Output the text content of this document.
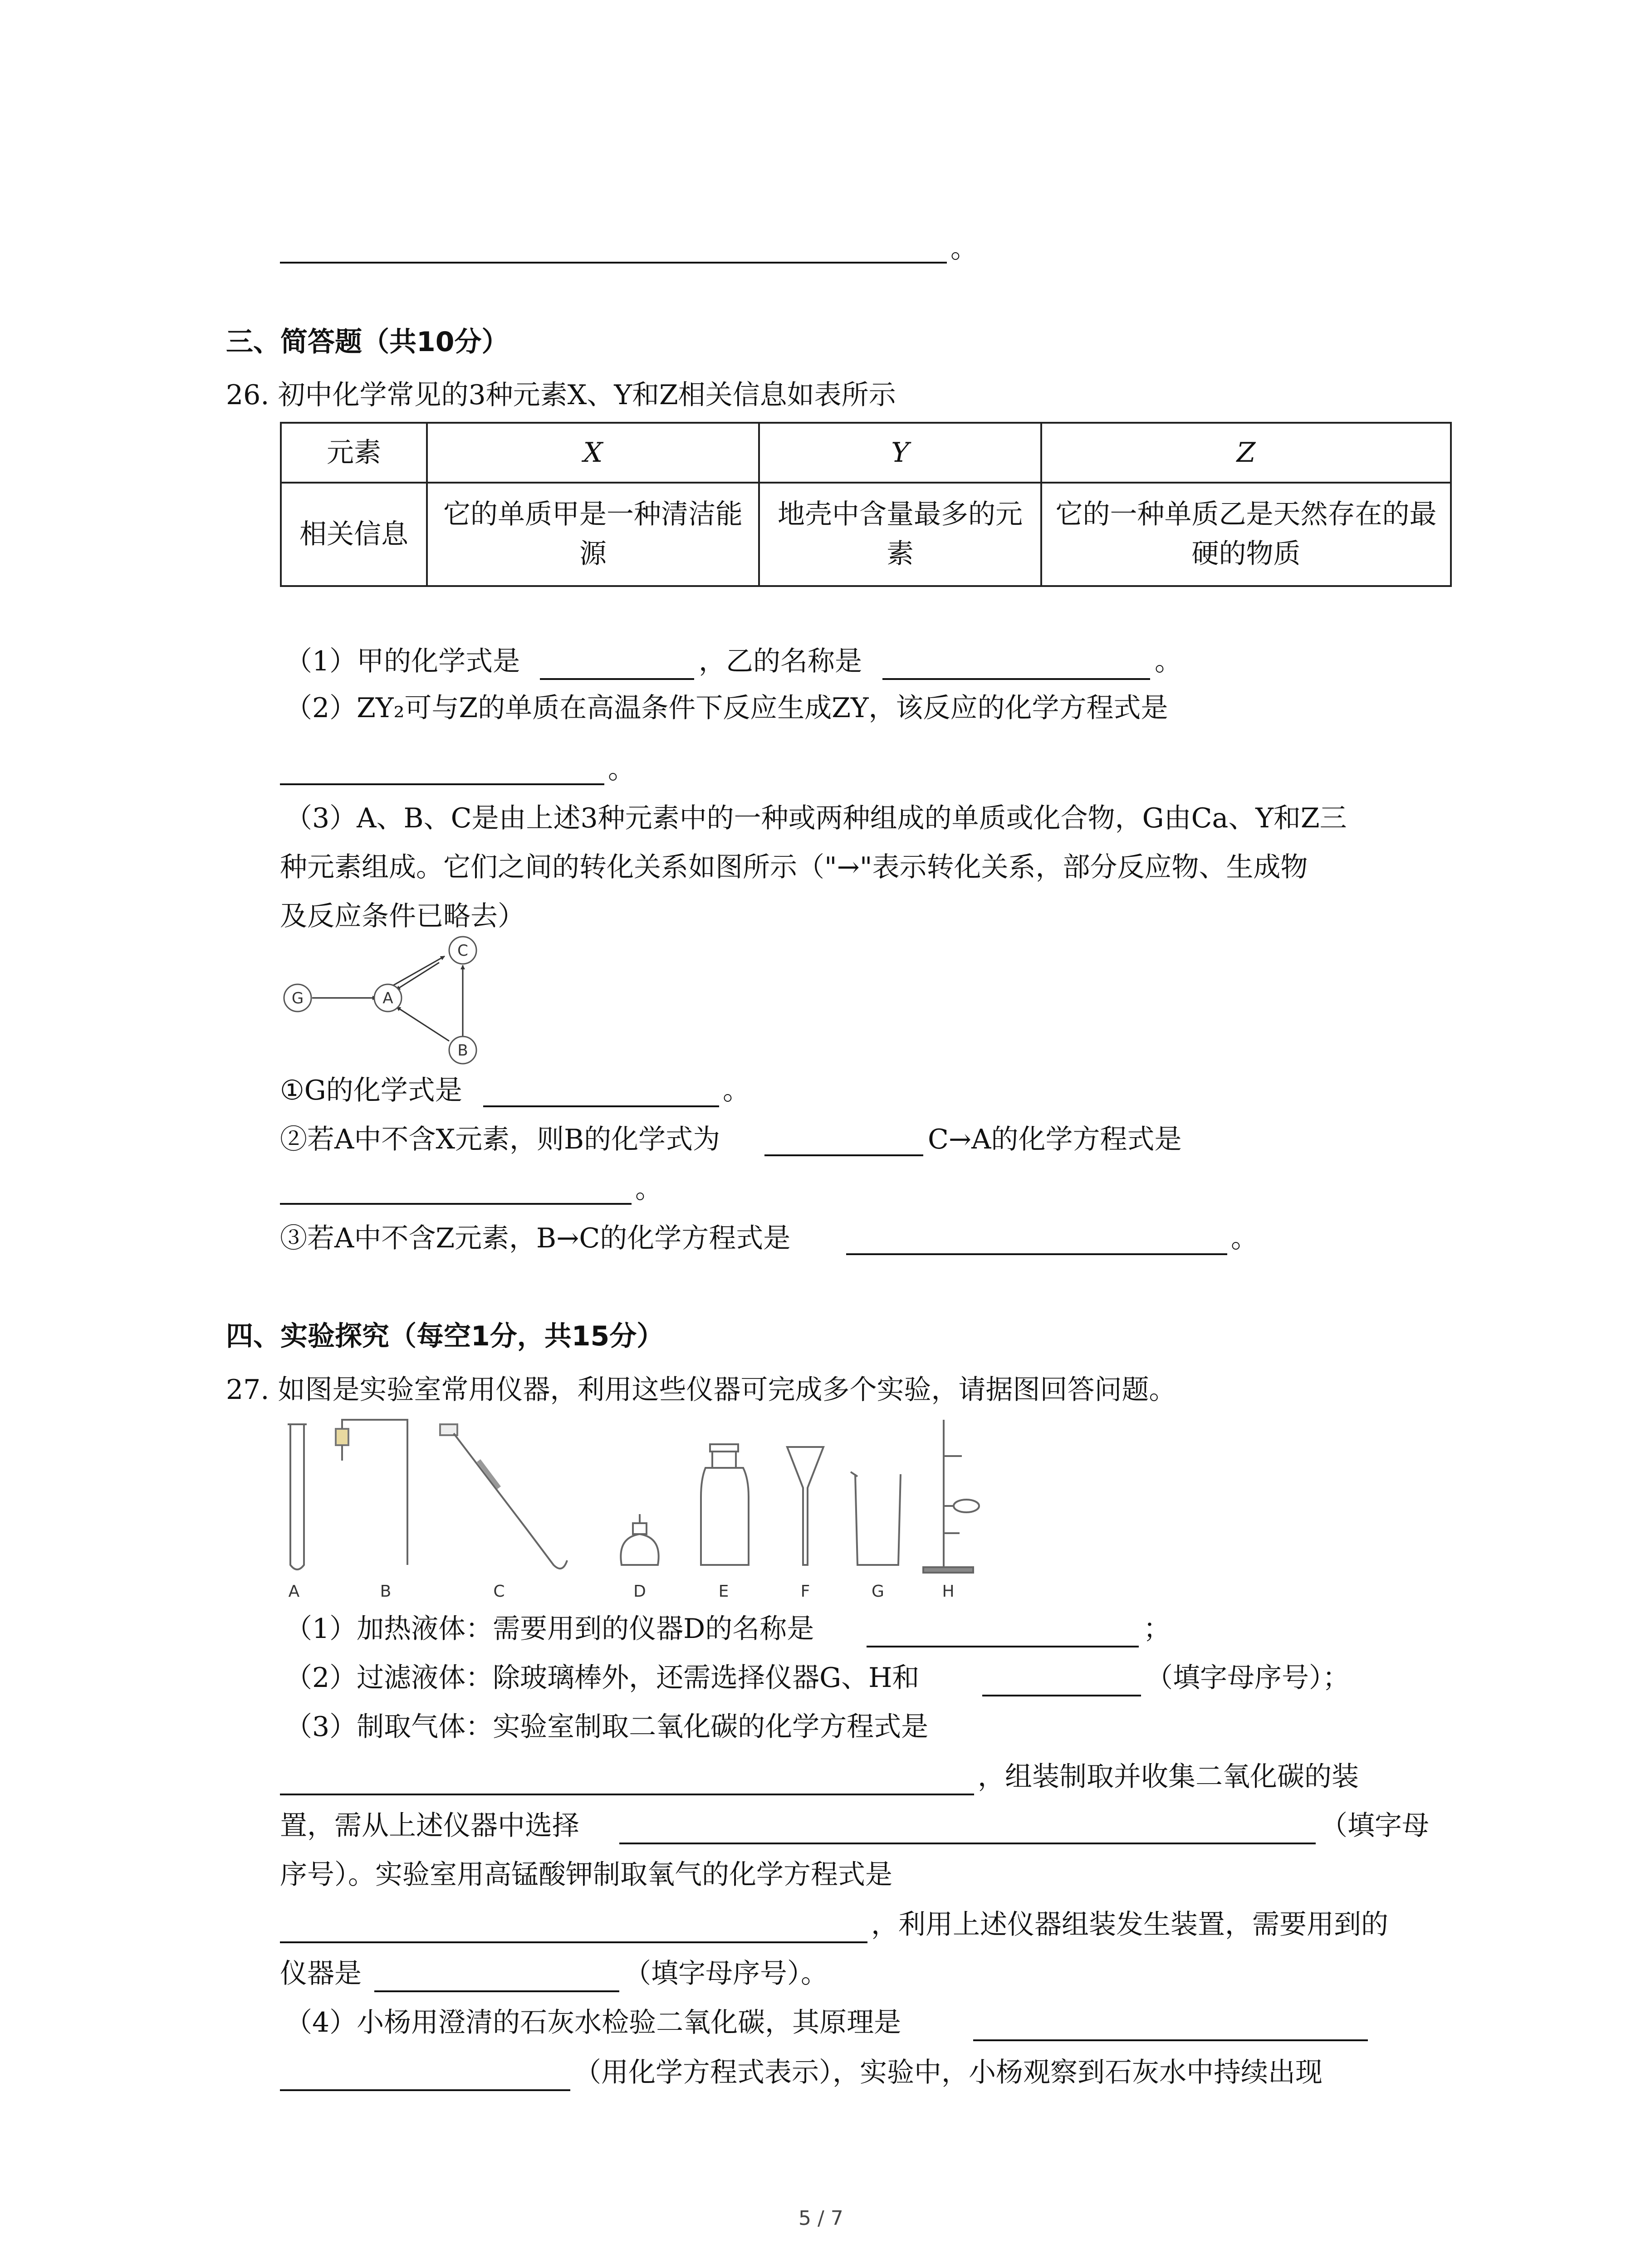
。
三、简答题（共10分）
26. 初中化学常见的3种元素X、Y和Z相关信息如表所示
元素	X	Y	Z
相关信息	它的单质甲是一种清洁能源	地壳中含量最多的元素	它的一种单质乙是天然存在的最硬的物质
（1）甲的化学式是	，乙的名称是	。
（2）ZY₂可与Z的单质在高温条件下反应生成ZY，该反应的化学方程式是
。
（3）A、B、C是由上述3种元素中的一种或两种组成的单质或化合物，G由Ca、Y和Z三
种元素组成。它们之间的转化关系如图所示（"→"表示转化关系，部分反应物、生成物
及反应条件已略去）
G	A
C
B
①G的化学式是	。
②若A中不含X元素，则B的化学式为	C→A的化学方程式是
。
③若A中不含Z元素，B→C的化学方程式是	。
四、实验探究（每空1分，共15分）
27. 如图是实验室常用仪器，利用这些仪器可完成多个实验，请据图回答问题。
A	B	C	D	E	F	G	H
（1）加热液体：需要用到的仪器D的名称是	；
（2）过滤液体：除玻璃棒外，还需选择仪器G、H和	（填字母序号）；
（3）制取气体：实验室制取二氧化碳的化学方程式是
，组装制取并收集二氧化碳的装
置，需从上述仪器中选择	（填字母
序号）。实验室用高锰酸钾制取氧气的化学方程式是
，利用上述仪器组装发生装置，需要用到的
仪器是	（填字母序号）。
（4）小杨用澄清的石灰水检验二氧化碳，其原理是
（用化学方程式表示），实验中，小杨观察到石灰水中持续出现
5 / 7
